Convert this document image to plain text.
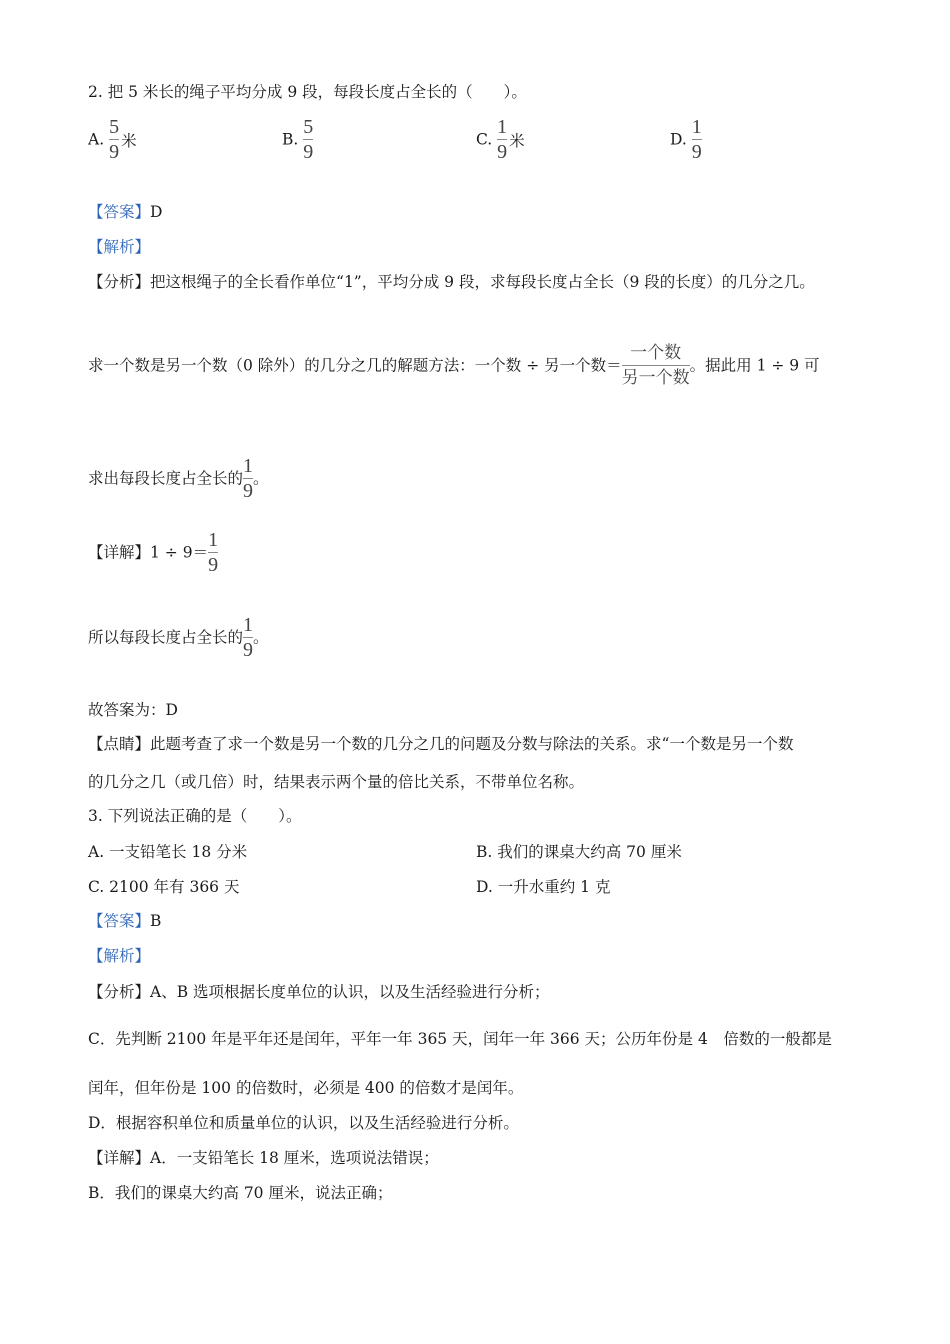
2. 把 5 米长的绳子平均分成 9 段，每段长度占全长的（　　）。
A. $\frac{5}{9}$ 米	B. $\frac{5}{9}$	C. $\frac{1}{9}$ 米	D. $\frac{1}{9}$
【答案】D
【解析】
【分析】把这根绳子的全长看作单位“1”，平均分成 9 段，求每段长度占全长（9 段的长度）的几分之几。
求一个数是另一个数（0 除外）的几分之几的解题方法：一个数 ÷ 另一个数＝ $\frac{\text{一个数}}{\text{另一个数}}$ 。据此用 1 ÷ 9 可
求出每段长度占全长的 $\frac{1}{9}$ 。
【详解】$1 \div 9= \frac{1}{9}$
所以每段长度占全长的 $\frac{1}{9}$ 。
故答案为：D
【点睛】此题考查了求一个数是另一个数的几分之几的问题及分数与除法的关系。求“一个数是另一个数
的几分之几（或几倍）时，结果表示两个量的倍比关系，不带单位名称。
3. 下列说法正确的是（　　）。
A. 一支铅笔长 18 分米	B. 我们的课桌大约高 70 厘米
C. 2100 年有 366 天	D. 一升水重约 1 克
【答案】B
【解析】
【分析】A、B 选项根据长度单位的认识，以及生活经验进行分析；
C．先判断 2100 年是平年还是闰年，平年一年 365 天，闰年一年 366 天；公历年份是 4　倍数的一般都是
闰年，但年份是 100 的倍数时，必须是 400 的倍数才是闰年。
D．根据容积单位和质量单位的认识，以及生活经验进行分析。
【详解】A．一支铅笔长 18 厘米，选项说法错误；
B．我们的课桌大约高 70 厘米，说法正确；
